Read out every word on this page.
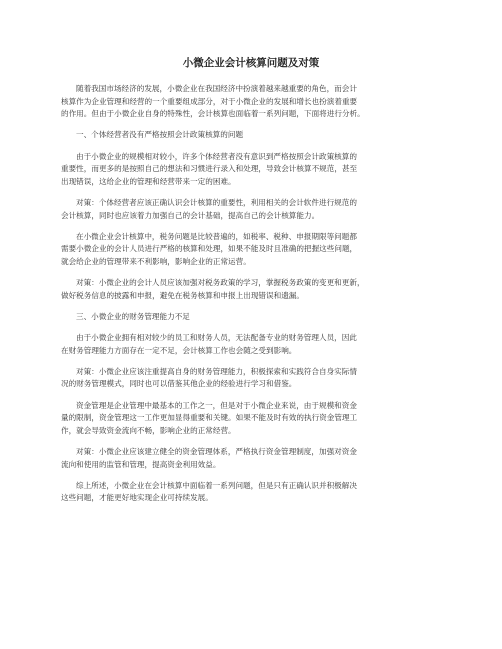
小微企业会计核算问题及对策
随着我国市场经济的发展，小微企业在我国经济中扮演着越来越重要的角色，而会计
核算作为企业管理和经营的一个重要组成部分，对于小微企业的发展和增长也扮演着重要
的作用。但由于小微企业自身的特殊性，会计核算也面临着一系列问题，下面将进行分析。
一、个体经营者没有严格按照会计政策核算的问题
由于小微企业的规模相对较小，许多个体经营者没有意识到严格按照会计政策核算的
重要性，而更多的是按照自己的想法和习惯进行录入和处理，导致会计核算不规范，甚至
出现错误，这给企业的管理和经营带来一定的困难。
对策：个体经营者应该正确认识会计核算的重要性，利用相关的会计软件进行规范的
会计核算，同时也应该着力加强自己的会计基础，提高自己的会计核算能力。
在小微企业会计核算中，税务问题是比较普遍的，如税率、税种、申报期限等问题都
需要小微企业的会计人员进行严格的核算和处理，如果不能及时且准确的把握这些问题，
就会给企业的管理带来不利影响，影响企业的正常运营。
对策：小微企业的会计人员应该加强对税务政策的学习，掌握税务政策的变更和更新，
做好税务信息的披露和申报，避免在税务核算和申报上出现错误和遗漏。
三、小微企业的财务管理能力不足
由于小微企业拥有相对较少的员工和财务人员，无法配备专业的财务管理人员，因此
在财务管理能力方面存在一定不足，会计核算工作也会随之受到影响。
对策：小微企业应该注重提高自身的财务管理能力，积极探索和实践符合自身实际情
况的财务管理模式，同时也可以借鉴其他企业的经验进行学习和借鉴。
资金管理是企业管理中最基本的工作之一，但是对于小微企业来说，由于规模和资金
量的限制，资金管理这一工作更加显得重要和关键。如果不能及时有效的执行资金管理工
作，就会导致资金流向不畅，影响企业的正常经营。
对策：小微企业应该建立健全的资金管理体系，严格执行资金管理制度，加强对资金
流向和使用的监管和管理，提高资金利用效益。
综上所述，小微企业在会计核算中面临着一系列问题，但是只有正确认识并积极解决
这些问题，才能更好地实现企业可持续发展。
